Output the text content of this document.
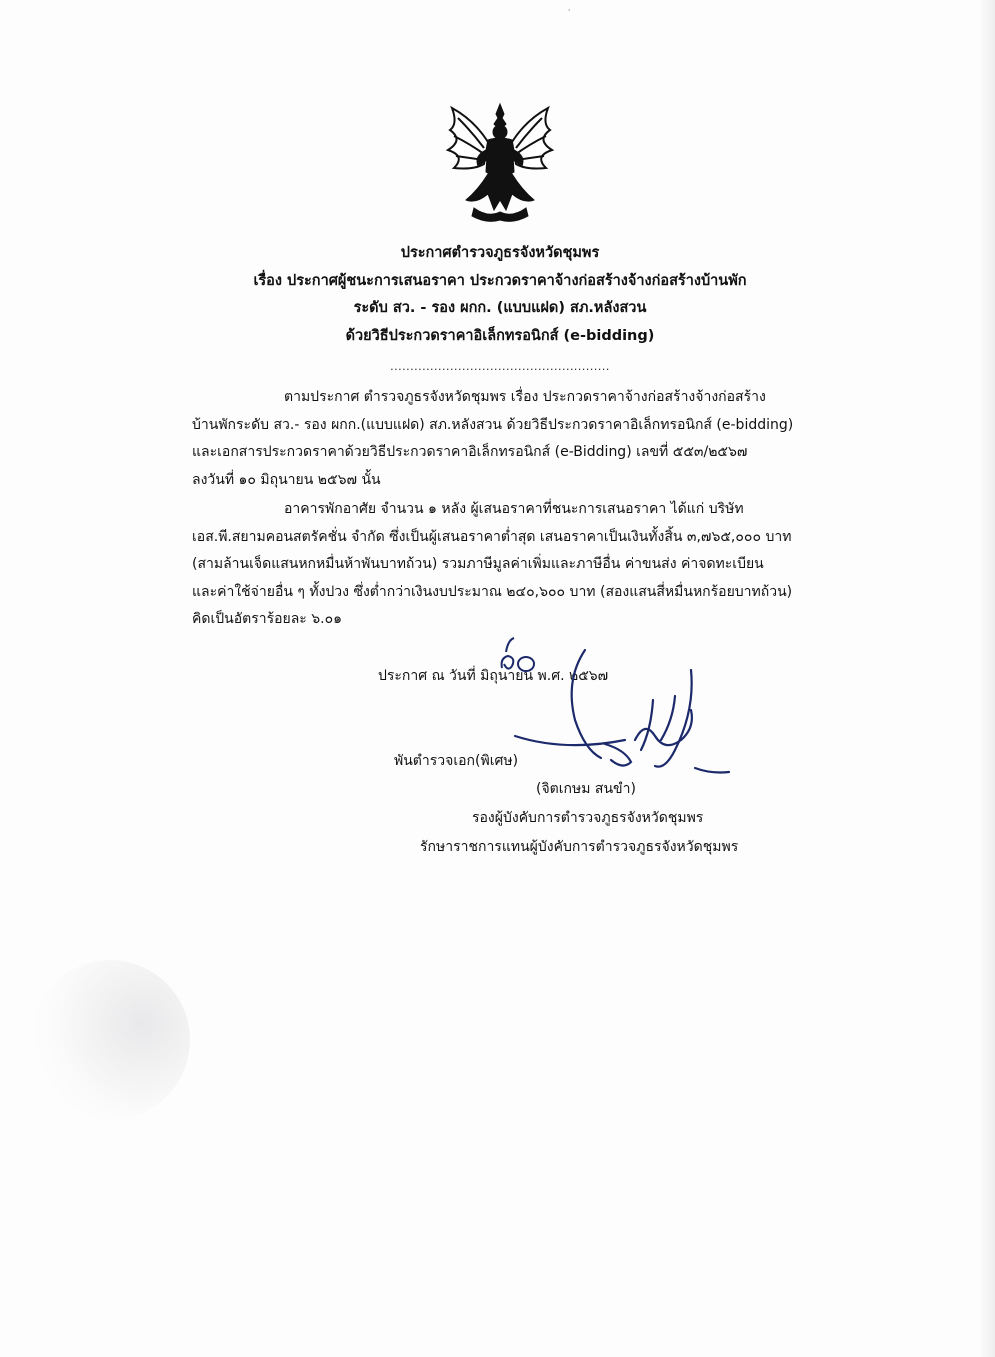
'
ประกาศตำรวจภูธรจังหวัดชุมพร
เรื่อง ประกาศผู้ชนะการเสนอราคา ประกวดราคาจ้างก่อสร้างจ้างก่อสร้างบ้านพัก
ระดับ สว. - รอง ผกก. (แบบแฝด) สภ.หลังสวน
ด้วยวิธีประกวดราคาอิเล็กทรอนิกส์ (e-bidding)
.......................................................
ตามประกาศ ตำรวจภูธรจังหวัดชุมพร เรื่อง ประกวดราคาจ้างก่อสร้างจ้างก่อสร้าง
บ้านพักระดับ สว.- รอง ผกก.(แบบแฝด) สภ.หลังสวน ด้วยวิธีประกวดราคาอิเล็กทรอนิกส์ (e-bidding)
และเอกสารประกวดราคาด้วยวิธีประกวดราคาอิเล็กทรอนิกส์ (e-Bidding) เลขที่ ๕๕๓/๒๕๖๗
ลงวันที่ ๑๐ มิถุนายน ๒๕๖๗ นั้น
อาคารพักอาศัย จำนวน ๑ หลัง ผู้เสนอราคาที่ชนะการเสนอราคา ได้แก่ บริษัท
เอส.พี.สยามคอนสตรัคชั่น จำกัด ซึ่งเป็นผู้เสนอราคาต่ำสุด เสนอราคาเป็นเงินทั้งสิ้น ๓,๗๖๕,๐๐๐ บาท
(สามล้านเจ็ดแสนหกหมื่นห้าพันบาทถ้วน) รวมภาษีมูลค่าเพิ่มและภาษีอื่น ค่าขนส่ง ค่าจดทะเบียน
และค่าใช้จ่ายอื่น ๆ ทั้งปวง ซึ่งต่ำกว่าเงินงบประมาณ ๒๔๐,๖๐๐ บาท (สองแสนสี่หมื่นหกร้อยบาทถ้วน)
คิดเป็นอัตราร้อยละ ๖.๐๑
ประกาศ ณ วันที่ มิถุนายน พ.ศ. ๒๕๖๗
พันตำรวจเอก(พิเศษ)
(จิตเกษม สนขำ)
รองผู้บังคับการตำรวจภูธรจังหวัดชุมพร
รักษาราชการแทนผู้บังคับการตำรวจภูธรจังหวัดชุมพร
